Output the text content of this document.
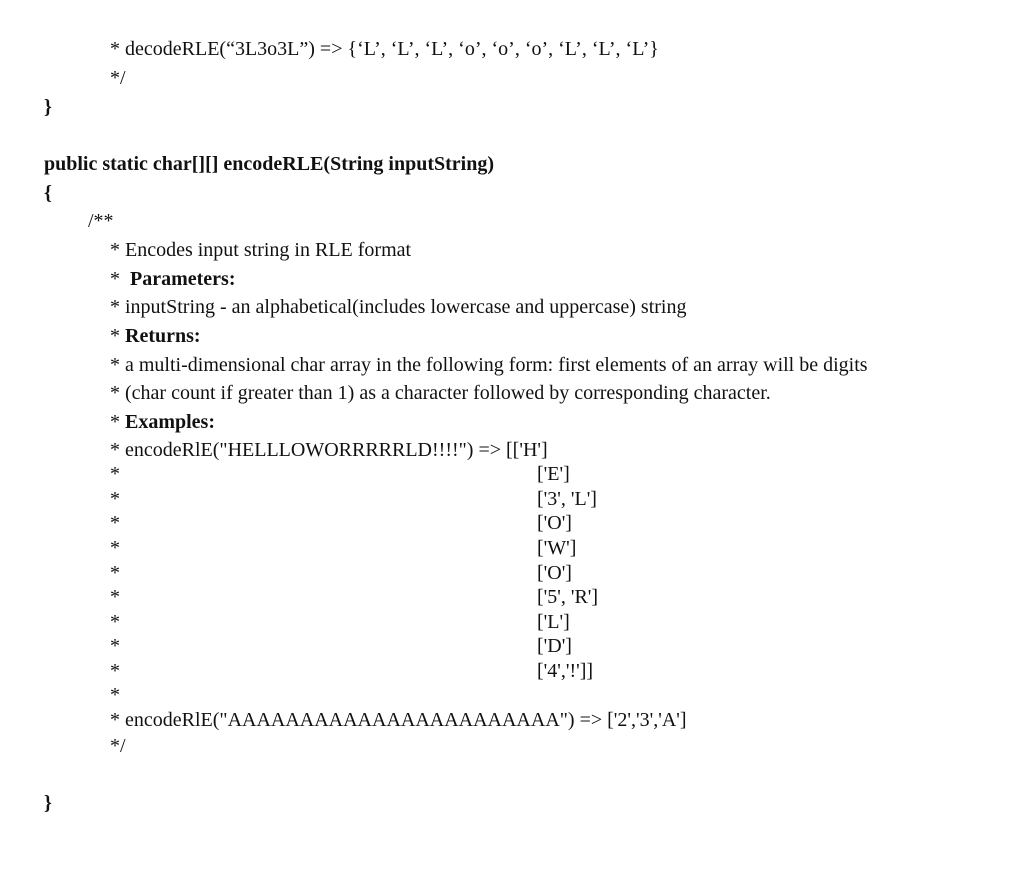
* decodeRLE(“3L3o3L”) => {‘L’, ‘L’, ‘L’, ‘o’, ‘o’, ‘o’, ‘L’, ‘L’, ‘L’}
*/
}
public static char[][] encodeRLE(String inputString)
{
/**
* Encodes input string in RLE format
* Parameters:
* inputString - an alphabetical(includes lowercase and uppercase) string
* Returns:
* a multi-dimensional char array in the following form: first elements of an array will be digits
* (char count if greater than 1) as a character followed by corresponding character.
* Examples:
* encodeRlE("HELLLOWORRRRRLD!!!!") => [['H']
*	['E']
*	['3', 'L']
*	['O']
*	['W']
*	['O']
*	['5', 'R']
*	['L']
*	['D']
*	['4','!']]
*
* encodeRlE("AAAAAAAAAAAAAAAAAAAAAAA") => ['2','3','A']
*/
}
